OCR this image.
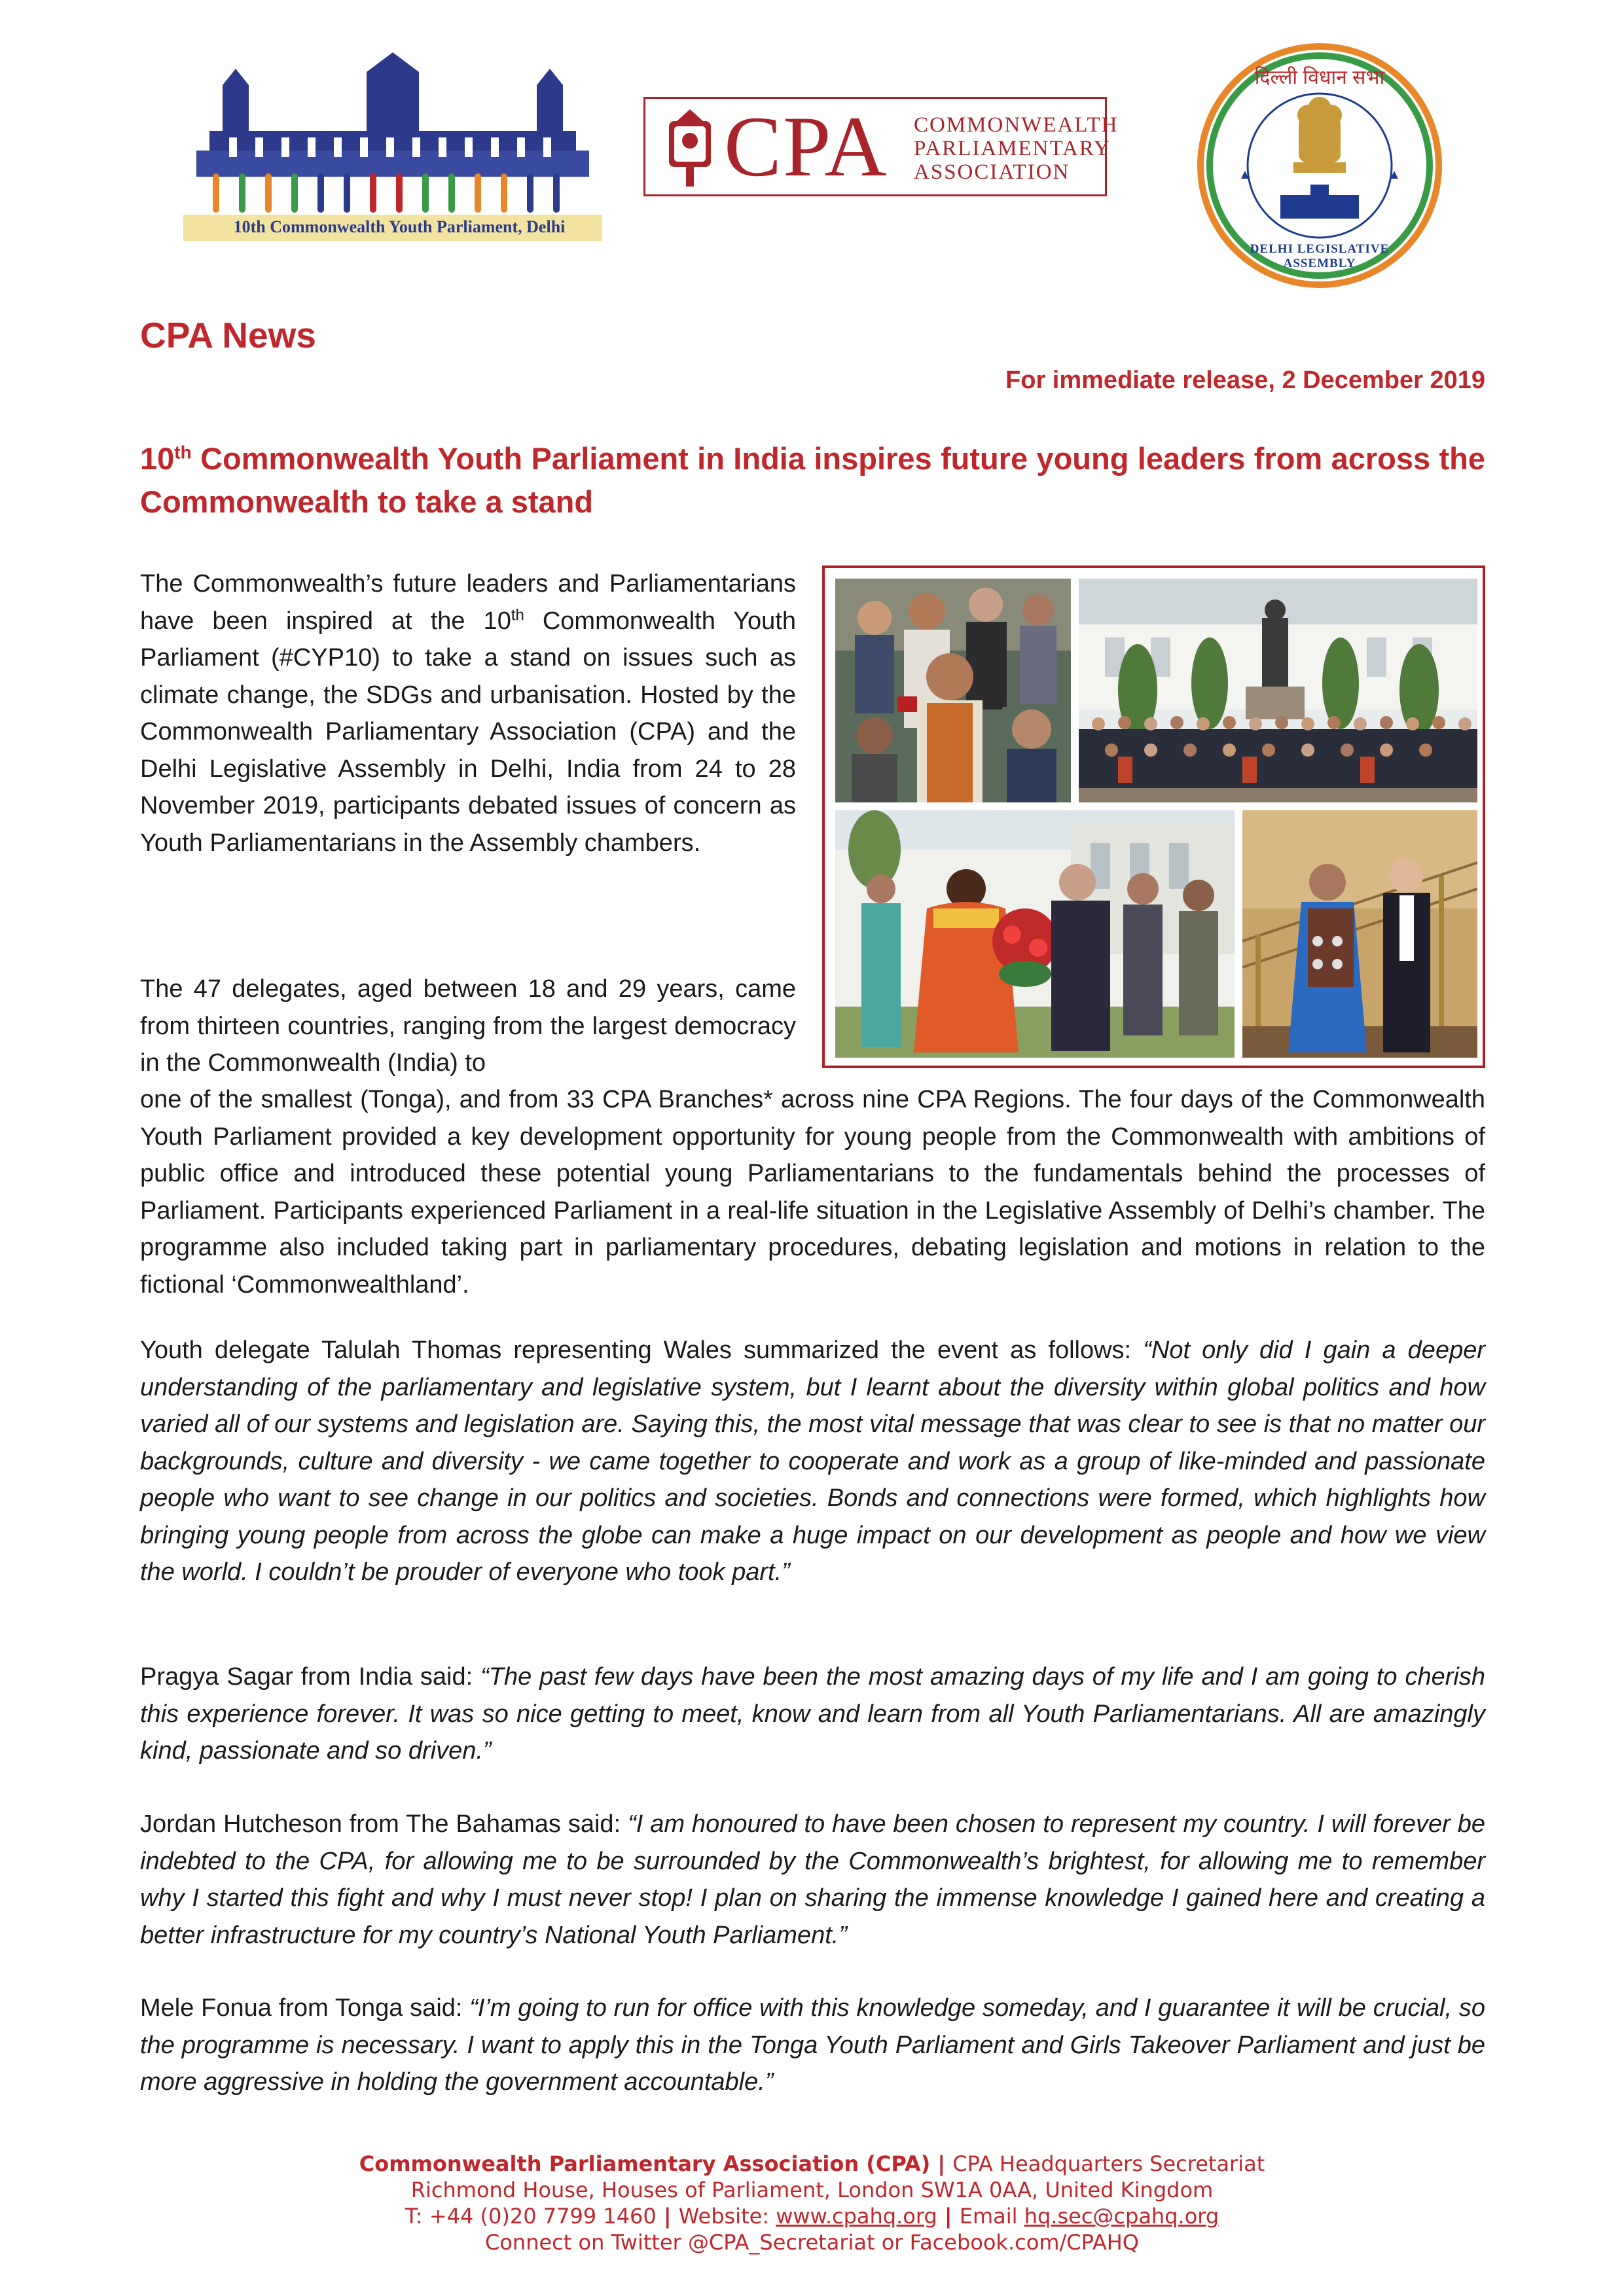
10th Commonwealth Youth Parliament, Delhi
CPA COMMONWEALTH
PARLIAMENTARY
ASSOCIATION
दिल्ली विधान सभा
DELHI LEGISLATIVE ASSEMBLY
CPA News
For immediate release, 2 December 2019
10th Commonwealth Youth Parliament in India inspires future young leaders from across the Commonwealth to take a stand
The Commonwealth’s future leaders and Parliamentarians have been inspired at the 10th Commonwealth Youth Parliament (#CYP10) to take a stand on issues such as climate change, the SDGs and urbanisation. Hosted by the Commonwealth Parliamentary Association (CPA) and the Delhi Legislative Assembly in Delhi, India from 24 to 28 November 2019, participants debated issues of concern as Youth Parliamentarians in the Assembly chambers.
The 47 delegates, aged between 18 and 29 years, came from thirteen countries, ranging from the largest democracy in the Commonwealth (India) to
one of the smallest (Tonga), and from 33 CPA Branches* across nine CPA Regions. The four days of the Commonwealth Youth Parliament provided a key development opportunity for young people from the Commonwealth with ambitions of public office and introduced these potential young Parliamentarians to the fundamentals behind the processes of Parliament. Participants experienced Parliament in a real-life situation in the Legislative Assembly of Delhi’s chamber. The programme also included taking part in parliamentary procedures, debating legislation and motions in relation to the fictional ‘Commonwealthland’.
Youth delegate Talulah Thomas representing Wales summarized the event as follows: “Not only did I gain a deeper understanding of the parliamentary and legislative system, but I learnt about the diversity within global politics and how varied all of our systems and legislation are. Saying this, the most vital message that was clear to see is that no matter our backgrounds, culture and diversity - we came together to cooperate and work as a group of like-minded and passionate people who want to see change in our politics and societies. Bonds and connections were formed, which highlights how bringing young people from across the globe can make a huge impact on our development as people and how we view the world. I couldn’t be prouder of everyone who took part.”
Pragya Sagar from India said: “The past few days have been the most amazing days of my life and I am going to cherish this experience forever. It was so nice getting to meet, know and learn from all Youth Parliamentarians. All are amazingly kind, passionate and so driven.”
Jordan Hutcheson from The Bahamas said: “I am honoured to have been chosen to represent my country. I will forever be indebted to the CPA, for allowing me to be surrounded by the Commonwealth’s brightest, for allowing me to remember why I started this fight and why I must never stop! I plan on sharing the immense knowledge I gained here and creating a better infrastructure for my country’s National Youth Parliament.”
Mele Fonua from Tonga said: “I’m going to run for office with this knowledge someday, and I guarantee it will be crucial, so the programme is necessary. I want to apply this in the Tonga Youth Parliament and Girls Takeover Parliament and just be more aggressive in holding the government accountable.”
Commonwealth Parliamentary Association (CPA) | CPA Headquarters Secretariat
Richmond House, Houses of Parliament, London SW1A 0AA, United Kingdom
T: +44 (0)20 7799 1460 | Website: www.cpahq.org | Email hq.sec@cpahq.org
Connect on Twitter @CPA_Secretariat or Facebook.com/CPAHQ
